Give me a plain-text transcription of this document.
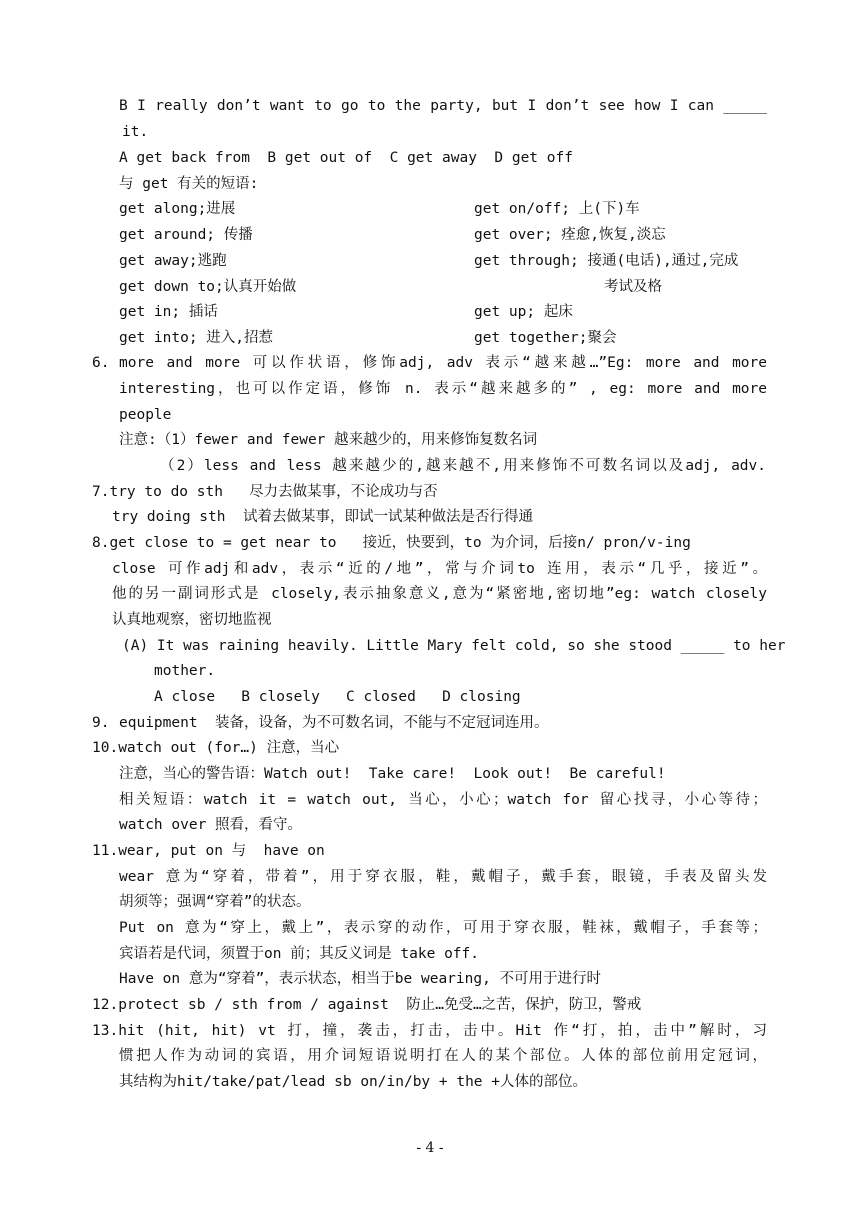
B I really don’t want to go to the party, but I don’t see how I can _____
it.
A get back from  B get out of  C get away  D get off
与 get 有关的短语:
get along;进展
get around; 传播
get away;逃跑
get down to;认真开始做
get in; 插话
get into; 进入,招惹
get on/off; 上(下)车
get over; 痊愈,恢复,淡忘
get through; 接通(电话),通过,完成
考试及格
get up; 起床
get together;聚会
6. more and more 可以作状语，修饰adj, adv 表示“越来越…”Eg: more and more
interesting，也可以作定语，修饰 n. 表示“越来越多的” , eg: more and more
people
注意:（1）fewer and fewer 越来越少的，用来修饰复数名词
（2）less and less 越来越少的,越来越不,用来修饰不可数名词以及adj, adv.
7.try to do sth   尽力去做某事，不论成功与否
try doing sth  试着去做某事，即试一试某种做法是否行得通
8.get close to = get near to   接近，快要到，to 为介词，后接n/ pron/v-ing
close 可作adj和adv，表示“近的/地”，常与介词to 连用，表示“几乎，接近”。
他的另一副词形式是 closely,表示抽象意义,意为“紧密地,密切地”eg: watch closely
认真地观察，密切地监视
(A) It was raining heavily. Little Mary felt cold, so she stood _____ to her
mother.
A close   B closely   C closed   D closing
9. equipment  装备，设备，为不可数名词，不能与不定冠词连用。
10.watch out (for…) 注意，当心
注意，当心的警告语：Watch out!  Take care!  Look out!  Be careful!
相关短语：watch it = watch out, 当心，小心；watch for 留心找寻，小心等待；
watch over 照看，看守。
11.wear, put on 与  have on
wear 意为“穿着，带着”，用于穿衣服，鞋，戴帽子，戴手套，眼镜，手表及留头发
胡须等；强调“穿着”的状态。
Put on 意为“穿上，戴上”，表示穿的动作，可用于穿衣服，鞋袜，戴帽子，手套等；
宾语若是代词，须置于on 前；其反义词是 take off.
Have on 意为“穿着”，表示状态，相当于be wearing, 不可用于进行时
12.protect sb / sth from / against  防止…免受…之苦，保护，防卫，警戒
13.hit (hit, hit) vt 打，撞，袭击，打击，击中。Hit 作“打，拍，击中”解时，习
惯把人作为动词的宾语，用介词短语说明打在人的某个部位。人体的部位前用定冠词，
其结构为hit/take/pat/lead sb on/in/by + the +人体的部位。
- 4 -
